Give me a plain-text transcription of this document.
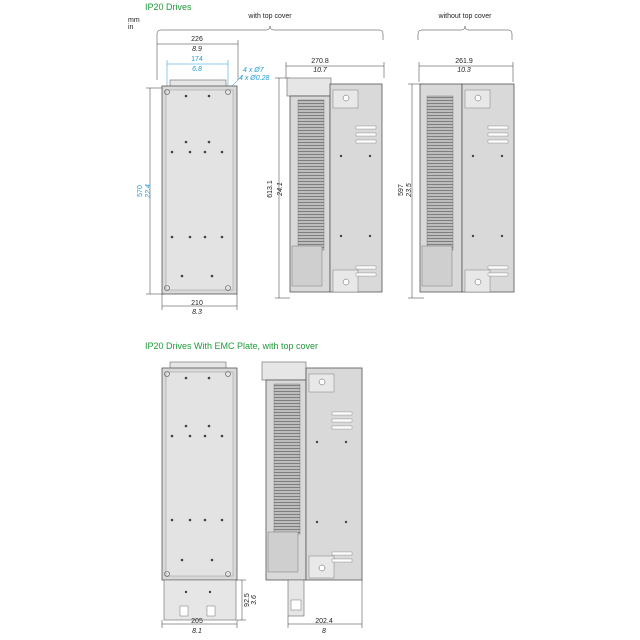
mm
in
IP20 Drives
with top cover	without top cover
226
8.9
174
6.8	4 x Ø7
4 x Ø0.28
570 22.4
210
8.3
270.8
10.7
613.1 24.1
261.9
10.3
597 23.5
IP20 Drives With EMC Plate, with top cover
92.5 3.6
205
8.1
202.4
8
